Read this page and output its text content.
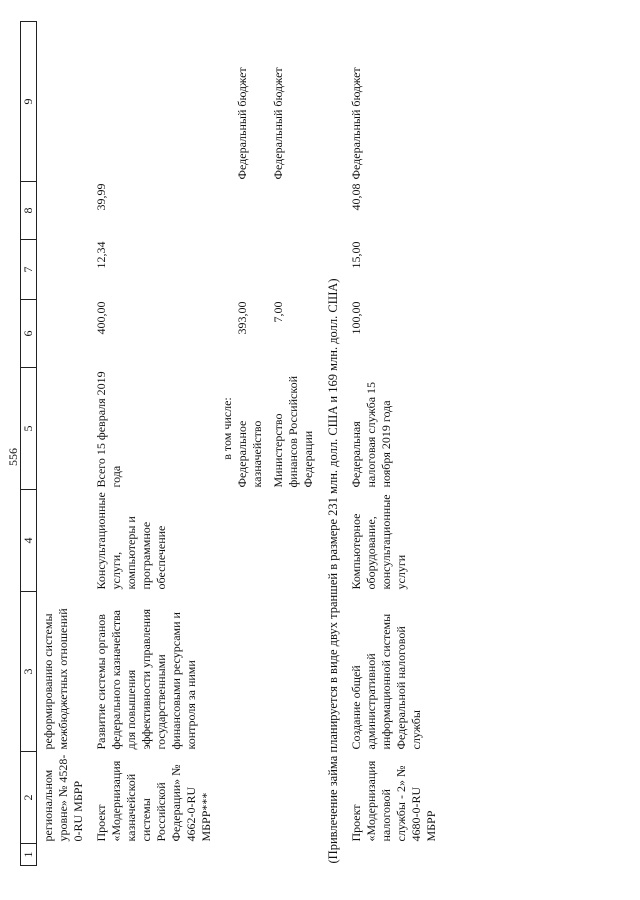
556
1	2	3	4	5	6	7	8	9
	региональном уровне» № 4528-0-RU МБРР	реформированию системы межбюджетных отношений						

	Проект «Модернизация казначейской системы Российской Федерации» № 4662-0-RU МБРР***	Развитие системы органов федерального казначейства для повышения эффективности управления государственными финансовыми ресурсами и контроля за ними	Консультационные услуги, компьютеры и программное обеспечение	Всего 15 февраля 2019 года	400,00	12,34	39,99	
				в том числе:				
				Федеральное казначейство	393,00			Федеральный бюджет
				Министерство финансов Российской Федерации	7,00			Федеральный бюджет
(Привлечение займа планируется в виде двух траншей в размере 231 млн. долл. США и 169 млн. долл. США)								
	Проект «Модернизация налоговой службы - 2» № 4680-0-RU МБРР	Создание общей административной информационной системы Федеральной налоговой службы	Компьютерное оборудование, консультационные услуги	Федеральная налоговая служба 15 ноября 2019 года	100,00	15,00	40,08	Федеральный бюджет
